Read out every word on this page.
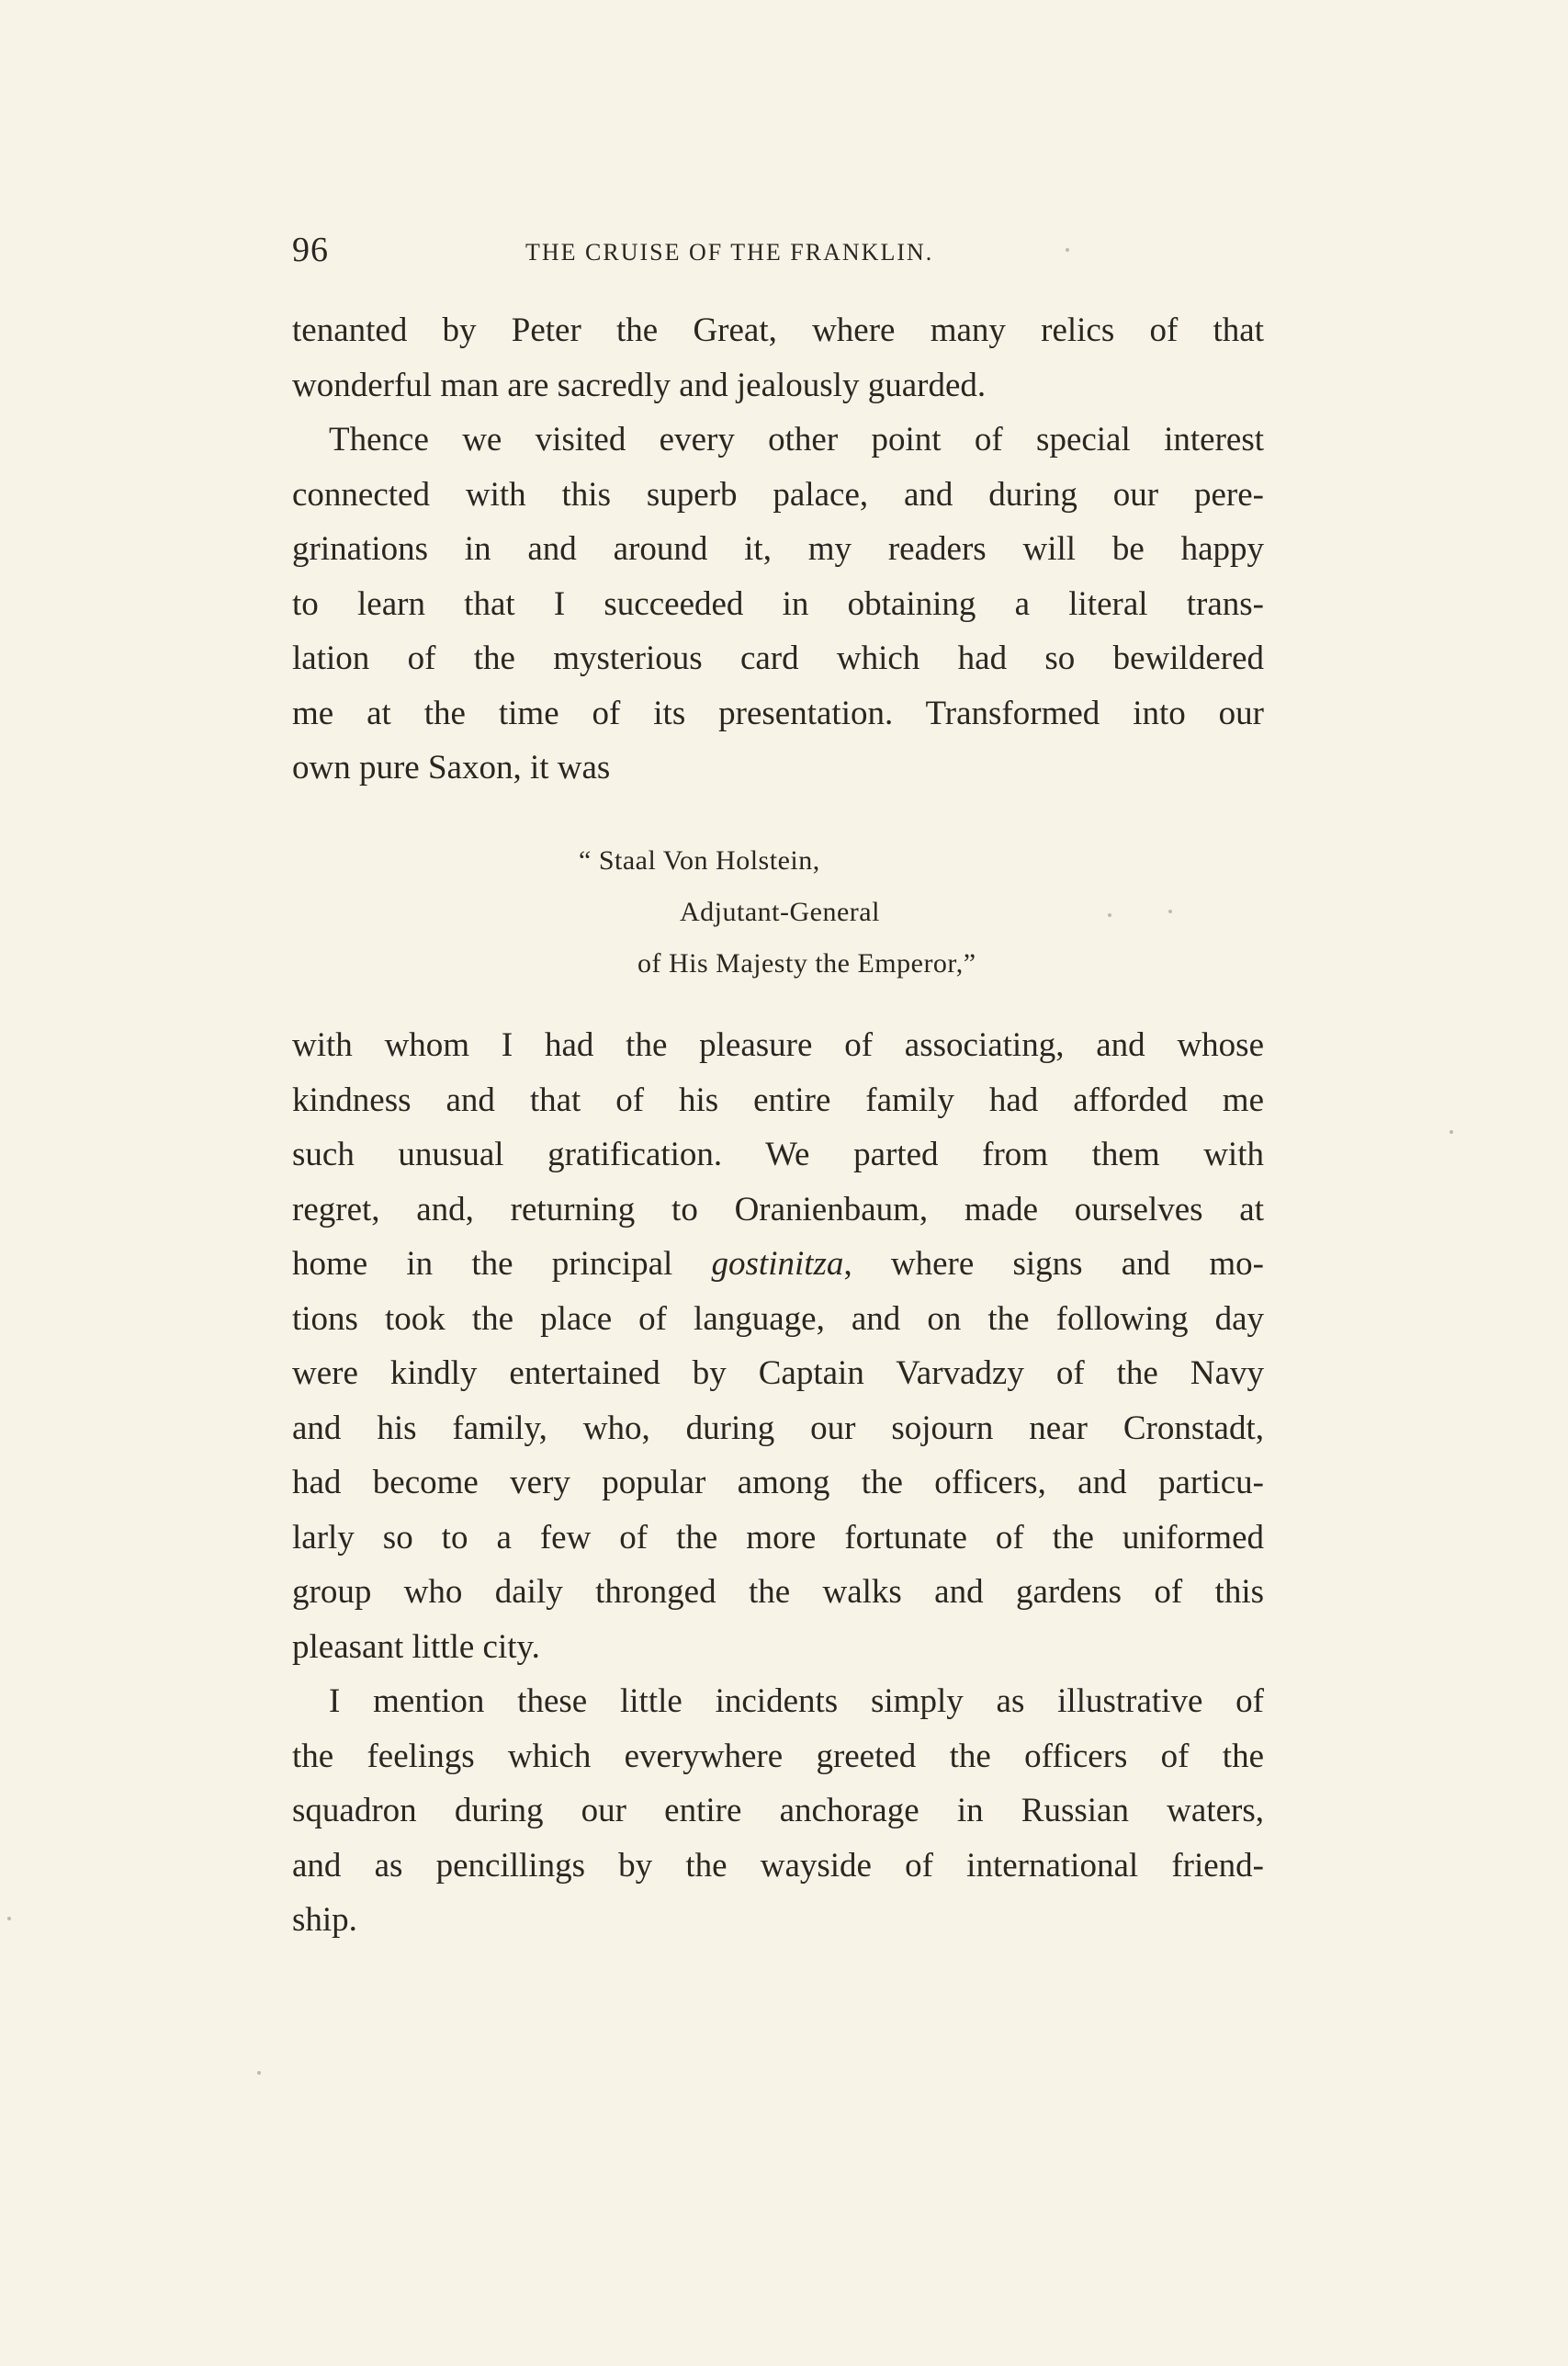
96	THE CRUISE OF THE FRANKLIN.
tenanted by Peter the Great, where many relics of that
wonderful man are sacredly and jealously guarded.
Thence we visited every other point of special interest
connected with this superb palace, and during our pere-
grinations in and around it, my readers will be happy
to learn that I succeeded in obtaining a literal trans-
lation of the mysterious card which had so bewildered
me at the time of its presentation. Transformed into our
own pure Saxon, it was
“ Staal Von Holstein,
Adjutant-General
of His Majesty the Emperor,”
with whom I had the pleasure of associating, and whose
kindness and that of his entire family had afforded me
such unusual gratification. We parted from them with
regret, and, returning to Oranienbaum, made ourselves at
home in the principal gostinitza, where signs and mo-
tions took the place of language, and on the following day
were kindly entertained by Captain Varvadzy of the Navy
and his family, who, during our sojourn near Cronstadt,
had become very popular among the officers, and particu-
larly so to a few of the more fortunate of the uniformed
group who daily thronged the walks and gardens of this
pleasant little city.
I mention these little incidents simply as illustrative of
the feelings which everywhere greeted the officers of the
squadron during our entire anchorage in Russian waters,
and as pencillings by the wayside of international friend-
ship.
